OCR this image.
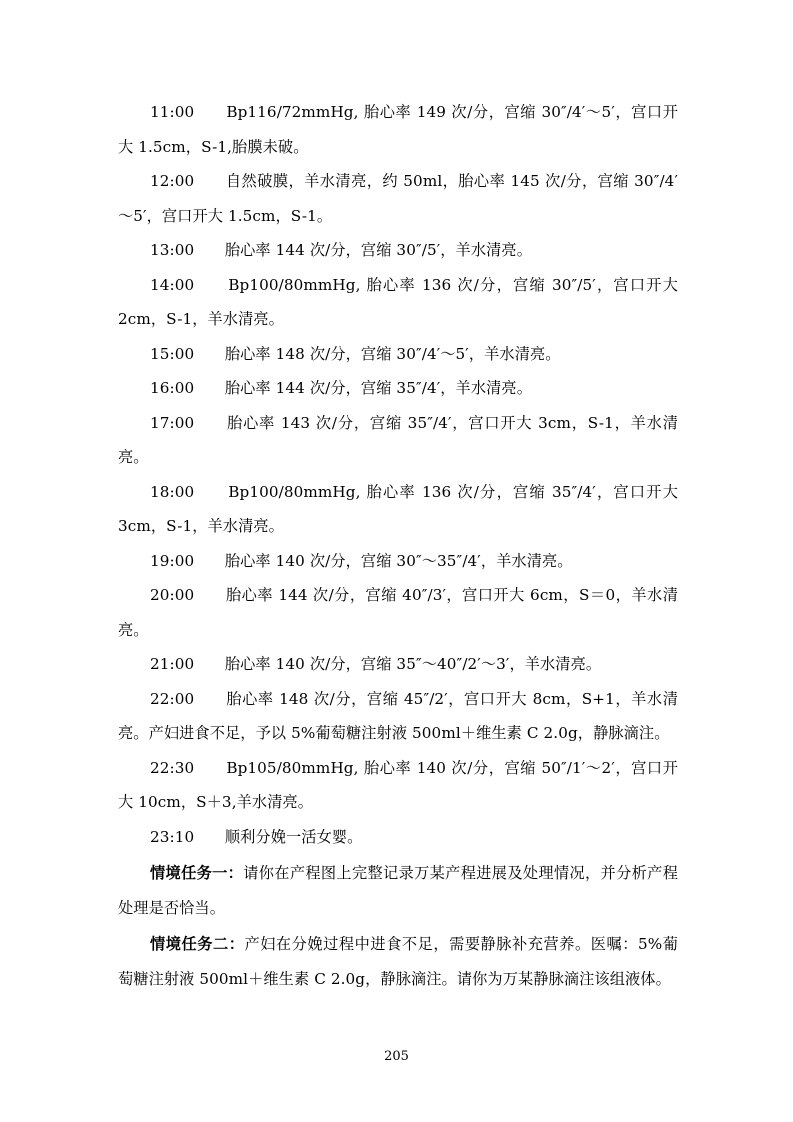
11:00　　Bp116/72mmHg, 胎心率 149 次/分，宫缩 30″/4′～5′，宫口开大 1.5cm，S-1,胎膜未破。

12:00　　自然破膜，羊水清亮，约 50ml，胎心率 145 次/分，宫缩 30″/4′～5′，宫口开大 1.5cm，S-1。

13:00　　胎心率 144 次/分，宫缩 30″/5′，羊水清亮。

14:00　　Bp100/80mmHg, 胎心率 136 次/分，宫缩 30″/5′，宫口开大 2cm，S-1，羊水清亮。

15:00　　胎心率 148 次/分，宫缩 30″/4′～5′，羊水清亮。

16:00　　胎心率 144 次/分，宫缩 35″/4′，羊水清亮。

17:00　　胎心率 143 次/分，宫缩 35″/4′，宫口开大 3cm，S-1，羊水清亮。

18:00　　Bp100/80mmHg, 胎心率 136 次/分，宫缩 35″/4′，宫口开大 3cm，S-1，羊水清亮。

19:00　　胎心率 140 次/分，宫缩 30″～35″/4′，羊水清亮。

20:00　　胎心率 144 次/分，宫缩 40″/3′，宫口开大 6cm，S＝0，羊水清亮。

21:00　　胎心率 140 次/分，宫缩 35″～40″/2′～3′，羊水清亮。

22:00　　胎心率 148 次/分，宫缩 45″/2′，宫口开大 8cm，S+1，羊水清亮。产妇进食不足，予以 5%葡萄糖注射液 500ml＋维生素 C 2.0g，静脉滴注。

22:30　　Bp105/80mmHg, 胎心率 140 次/分，宫缩 50″/1′～2′，宫口开大 10cm，S＋3,羊水清亮。

23:10　　顺利分娩一活女婴。

情境任务一：请你在产程图上完整记录万某产程进展及处理情况，并分析产程处理是否恰当。

情境任务二：产妇在分娩过程中进食不足，需要静脉补充营养。医嘱：5%葡萄糖注射液 500ml＋维生素 C 2.0g，静脉滴注。请你为万某静脉滴注该组液体。

205
